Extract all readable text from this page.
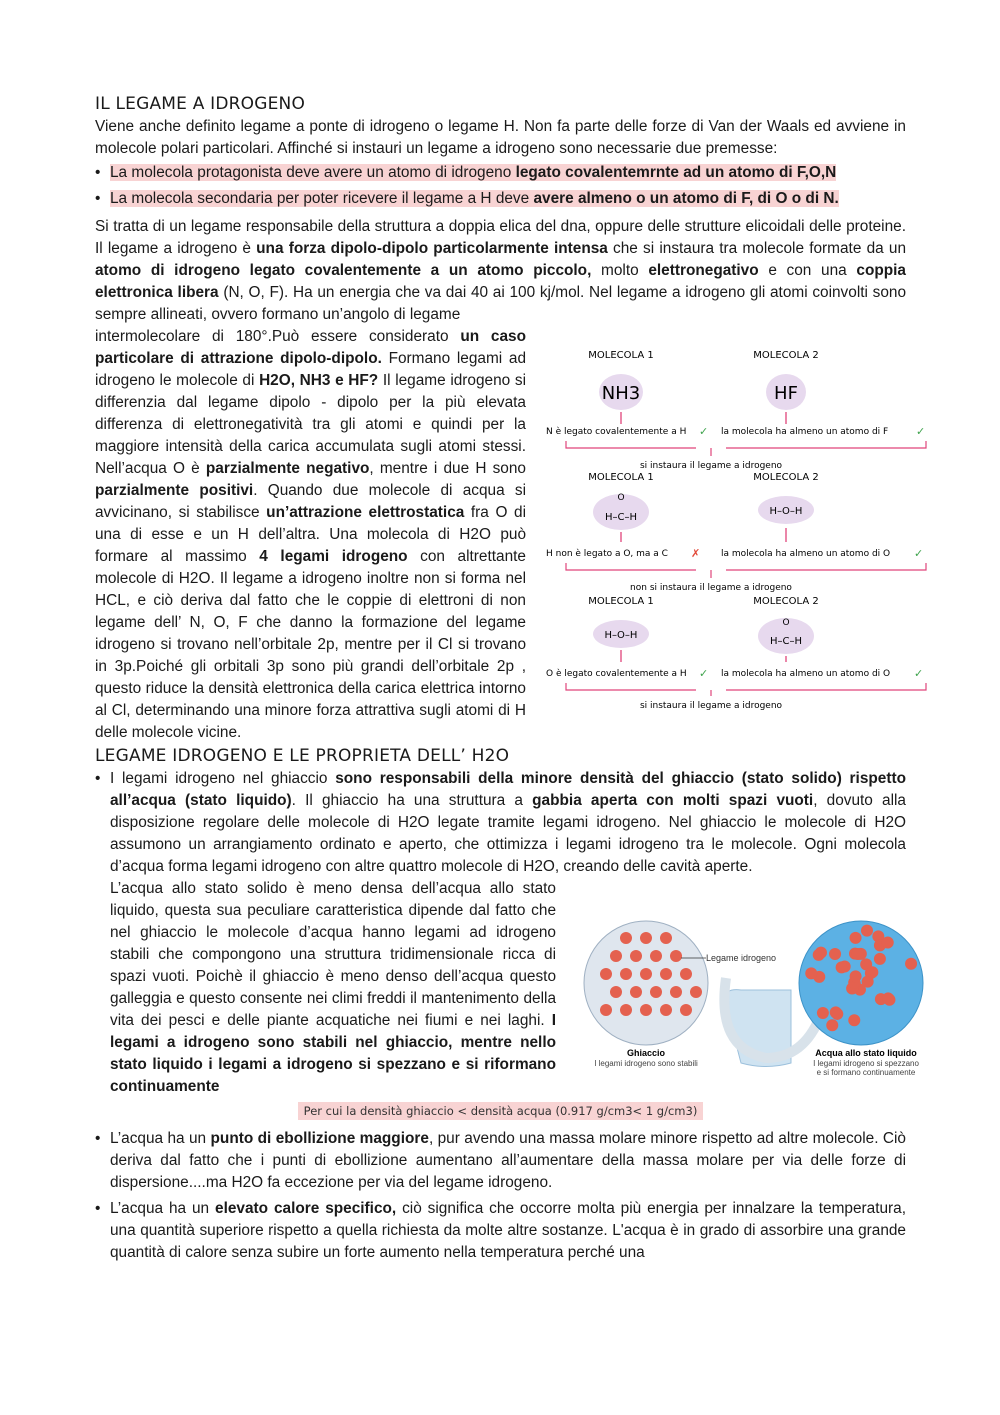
IL LEGAME A IDROGENO

Viene anche definito legame a ponte di idrogeno o legame H. Non fa parte delle forze di Van der Waals ed avviene in molecole polari particolari. Affinché si instauri un legame a idrogeno sono necessarie due premesse:

• La molecola protagonista deve avere un atomo di idrogeno legato covalentemrnte ad un atomo di F,O,N
• La molecola secondaria per poter ricevere il legame a H deve avere almeno o un atomo di F, di O o di N.

Si tratta di un legame responsabile della struttura a doppia elica del dna, oppure delle strutture elicoidali delle proteine. Il legame a idrogeno è una forza dipolo-dipolo particolarmente intensa che si instaura tra molecole formate da un atomo di idrogeno legato covalentemente a un atomo piccolo, molto elettronegativo e con una coppia elettronica libera (N, O, F). Ha un energia che va dai 40 ai 100 kj/mol. Nel legame a idrogeno gli atomi coinvolti sono sempre allineati, ovvero formano un’angolo di legame

MOLECOLA 1	MOLECOLA 2
NH3	HF
N è legato covalentemente a H ✓ la molecola ha almeno un atomo di F	✓
si instaura il legame a idrogeno
MOLECOLA 1	MOLECOLA 2
O
H–C–H
H–O–H
H non è legato a O, ma a C ✗ la molecola ha almeno un atomo di O ✓
non si instaura il legame a idrogeno
MOLECOLA 1	MOLECOLA 2
H–O–H
O
H–C–H
O è legato covalentemente a H ✓ la molecola ha almeno un atomo di O ✓
si instaura il legame a idrogeno

intermolecolare di 180°.Può essere considerato un caso particolare di attrazione dipolo-dipolo. Formano legami ad idrogeno le molecole di H2O, NH3 e HF? Il legame idrogeno si differenzia dal legame dipolo - dipolo per la più elevata differenza di elettronegatività tra gli atomi e quindi per la maggiore intensità della carica accumulata sugli atomi stessi. Nell’acqua O è parzialmente negativo, mentre i due H sono parzialmente positivi. Quando due molecole di acqua si avvicinano, si stabilisce un’attrazione elettrostatica fra O di una di esse e un H dell’altra. Una molecola di H2O può formare al massimo 4 legami idrogeno con altrettante molecole di H2O. Il legame a idrogeno inoltre non si forma nel HCL, e ciò deriva dal fatto che le coppie di elettroni di non legame dell’ N, O, F che danno la formazione del legame idrogeno si trovano nell’orbitale 2p, mentre per il Cl si trovano in 3p.Poiché gli orbitali 3p sono più grandi dell’orbitale 2p , questo riduce la densità elettronica della carica elettrica intorno al Cl, determinando una minore forza attrattiva sugli atomi di H delle molecole vicine.

LEGAME IDROGENO E LE PROPRIETA DELL’ H2O
• I legami idrogeno nel ghiaccio sono responsabili della minore densità del ghiaccio (stato solido) rispetto all’acqua (stato liquido). Il ghiaccio ha una struttura a gabbia aperta con molti spazi vuoti, dovuto alla disposizione regolare delle molecole di H2O legate tramite legami idrogeno. Nel ghiaccio le molecole di H2O assumono un arrangiamento ordinato e aperto, che ottimizza i legami idrogeno tra le molecole. Ogni molecola d’acqua forma legami idrogeno con altre quattro molecole di H2O, creando delle cavità aperte.
Legame idrogeno
Ghiaccio
I legami idrogeno sono stabili
Acqua allo stato liquido
I legami idrogeno si spezzano
e si formano continuamente

L’acqua allo stato solido è meno densa dell’acqua allo stato liquido, questa sua peculiare caratteristica dipende dal fatto che nel ghiaccio le molecole d’acqua hanno legami ad idrogeno stabili che compongono una struttura tridimensionale ricca di spazi vuoti. Poichè il ghiaccio è meno denso dell’acqua questo galleggia e questo consente nei climi freddi il mantenimento della vita dei pesci e delle piante acquatiche nei fiumi e nei laghi. I legami a idrogeno sono stabili nel ghiaccio, mentre nello stato liquido i legami a idrogeno si spezzano e si riformano continuamente

Per cui la densità ghiaccio < densità acqua (0.917 g/cm3< 1 g/cm3)
• L’acqua ha un punto di ebollizione maggiore, pur avendo una massa molare minore rispetto ad altre molecole. Ciò deriva dal fatto che i punti di ebollizione aumentano all’aumentare della massa molare per via delle forze di dispersione....ma H2O fa eccezione per via del legame idrogeno.
• L’acqua ha un elevato calore specifico, ciò significa che occorre molta più energia per innalzare la temperatura, una quantità superiore rispetto a quella richiesta da molte altre sostanze. L'acqua è in grado di assorbire una grande quantità di calore senza subire un forte aumento nella temperatura perché una
